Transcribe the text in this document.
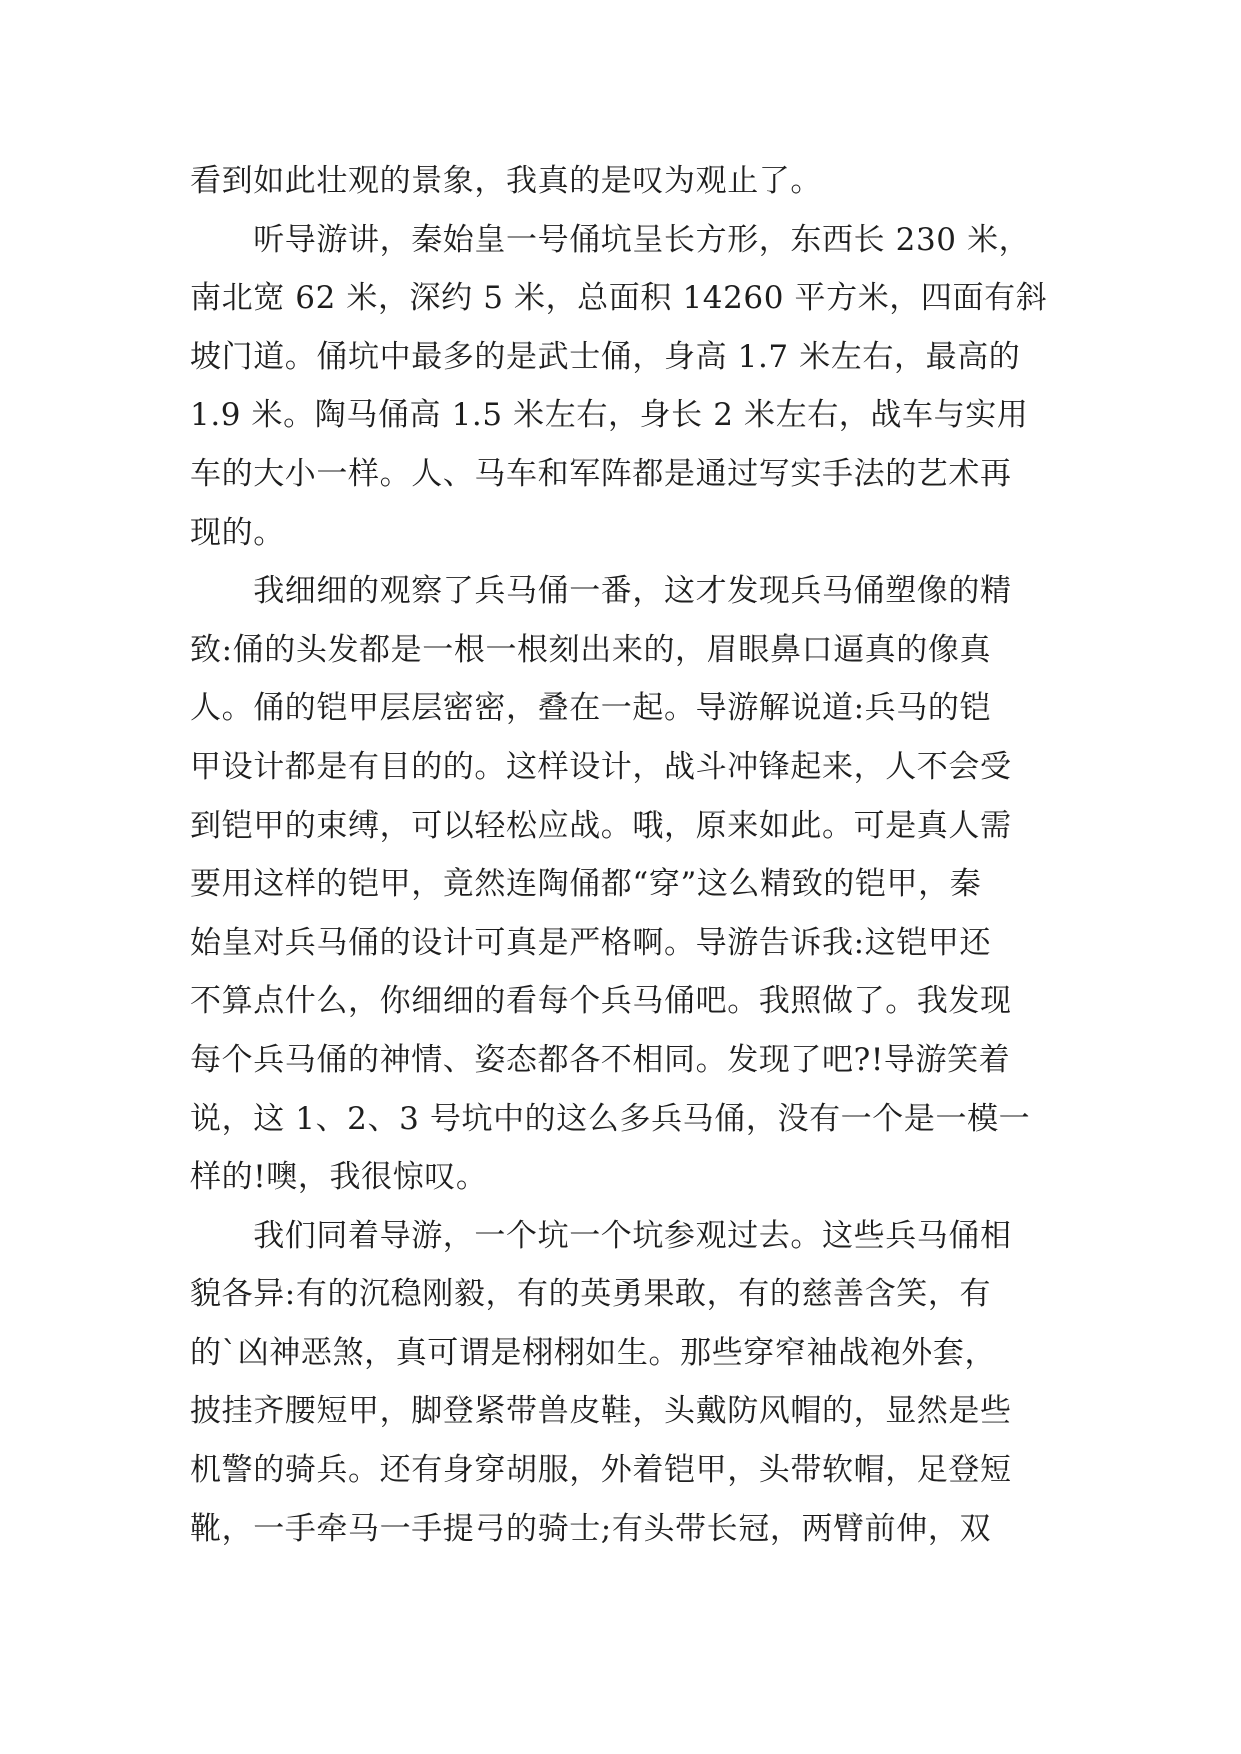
看到如此壮观的景象，我真的是叹为观止了。
　　听导游讲，秦始皇一号俑坑呈长方形，东西长 230 米，
南北宽 62 米，深约 5 米，总面积 14260 平方米，四面有斜
坡门道。俑坑中最多的是武士俑，身高 1.7 米左右，最高的
1.9 米。陶马俑高 1.5 米左右，身长 2 米左右，战车与实用
车的大小一样。人、马车和军阵都是通过写实手法的艺术再
现的。
　　我细细的观察了兵马俑一番，这才发现兵马俑塑像的精
致:俑的头发都是一根一根刻出来的，眉眼鼻口逼真的像真
人。俑的铠甲层层密密，叠在一起。导游解说道:兵马的铠
甲设计都是有目的的。这样设计，战斗冲锋起来，人不会受
到铠甲的束缚，可以轻松应战。哦，原来如此。可是真人需
要用这样的铠甲，竟然连陶俑都“穿”这么精致的铠甲，秦
始皇对兵马俑的设计可真是严格啊。导游告诉我:这铠甲还
不算点什么，你细细的看每个兵马俑吧。我照做了。我发现
每个兵马俑的神情、姿态都各不相同。发现了吧?!导游笑着
说，这 1、2、3 号坑中的这么多兵马俑，没有一个是一模一
样的!噢，我很惊叹。
　　我们同着导游，一个坑一个坑参观过去。这些兵马俑相
貌各异:有的沉稳刚毅，有的英勇果敢，有的慈善含笑，有
的`凶神恶煞，真可谓是栩栩如生。那些穿窄袖战袍外套，
披挂齐腰短甲，脚登紧带兽皮鞋，头戴防风帽的，显然是些
机警的骑兵。还有身穿胡服，外着铠甲，头带软帽，足登短
靴，一手牵马一手提弓的骑士;有头带长冠，两臂前伸，双
